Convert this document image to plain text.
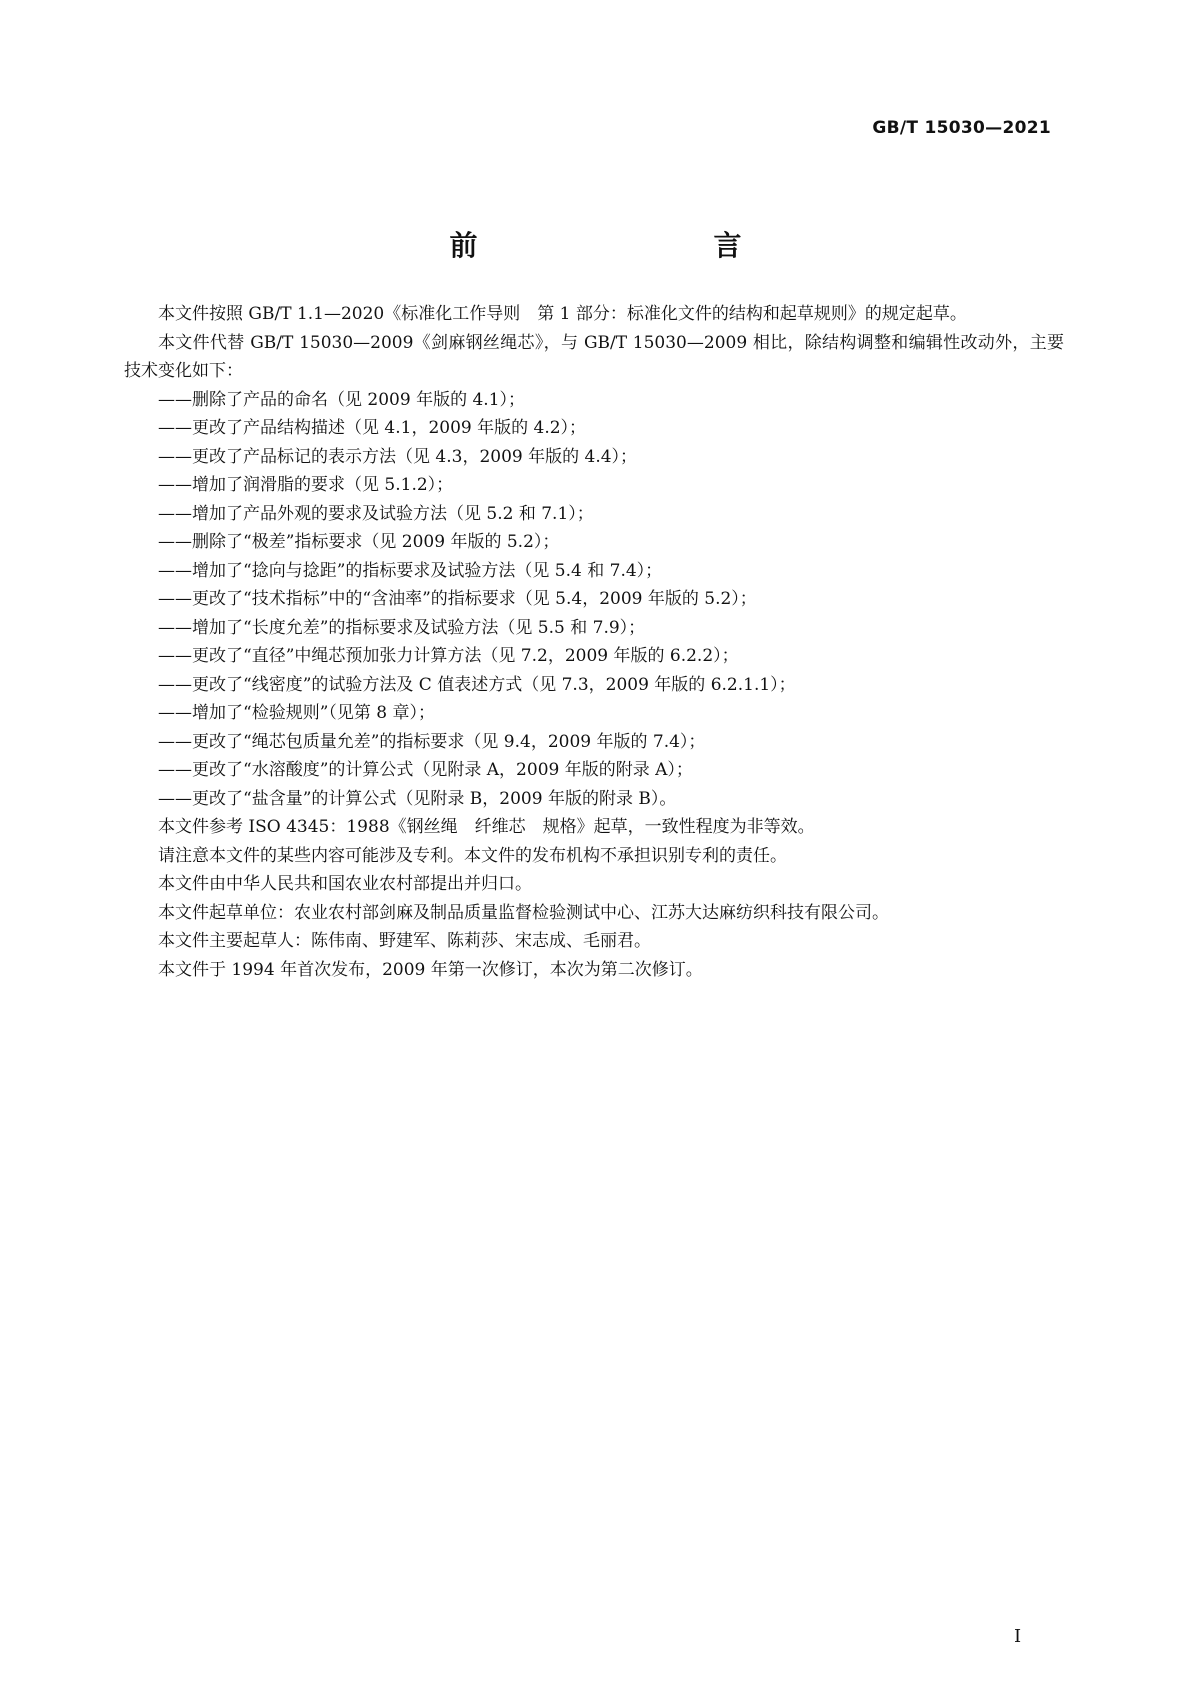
GB/T 15030—2021
前　　言

本文件按照 GB/T 1.1—2020《标准化工作导则　第 1 部分：标准化文件的结构和起草规则》的规定起草。

本文件代替 GB/T 15030—2009《剑麻钢丝绳芯》，与 GB/T 15030—2009 相比，除结构调整和编辑性改动外，主要技术变化如下：

——删除了产品的命名（见 2009 年版的 4.1）；

——更改了产品结构描述（见 4.1，2009 年版的 4.2）；

——更改了产品标记的表示方法（见 4.3，2009 年版的 4.4）；

——增加了润滑脂的要求（见 5.1.2）；

——增加了产品外观的要求及试验方法（见 5.2 和 7.1）；

——删除了“极差”指标要求（见 2009 年版的 5.2）；

——增加了“捻向与捻距”的指标要求及试验方法（见 5.4 和 7.4）；

——更改了“技术指标”中的“含油率”的指标要求（见 5.4，2009 年版的 5.2）；

——增加了“长度允差”的指标要求及试验方法（见 5.5 和 7.9）；

——更改了“直径”中绳芯预加张力计算方法（见 7.2，2009 年版的 6.2.2）；

——更改了“线密度”的试验方法及 C 值表述方式（见 7.3，2009 年版的 6.2.1.1）；

——增加了“检验规则”（见第 8 章）；

——更改了“绳芯包质量允差”的指标要求（见 9.4，2009 年版的 7.4）；

——更改了“水溶酸度”的计算公式（见附录 A，2009 年版的附录 A）；

——更改了“盐含量”的计算公式（见附录 B，2009 年版的附录 B）。

本文件参考 ISO 4345：1988《钢丝绳　纤维芯　规格》起草，一致性程度为非等效。

请注意本文件的某些内容可能涉及专利。本文件的发布机构不承担识别专利的责任。

本文件由中华人民共和国农业农村部提出并归口。

本文件起草单位：农业农村部剑麻及制品质量监督检验测试中心、江苏大达麻纺织科技有限公司。

本文件主要起草人：陈伟南、野建军、陈莉莎、宋志成、毛丽君。

本文件于 1994 年首次发布，2009 年第一次修订，本次为第二次修订。

I
